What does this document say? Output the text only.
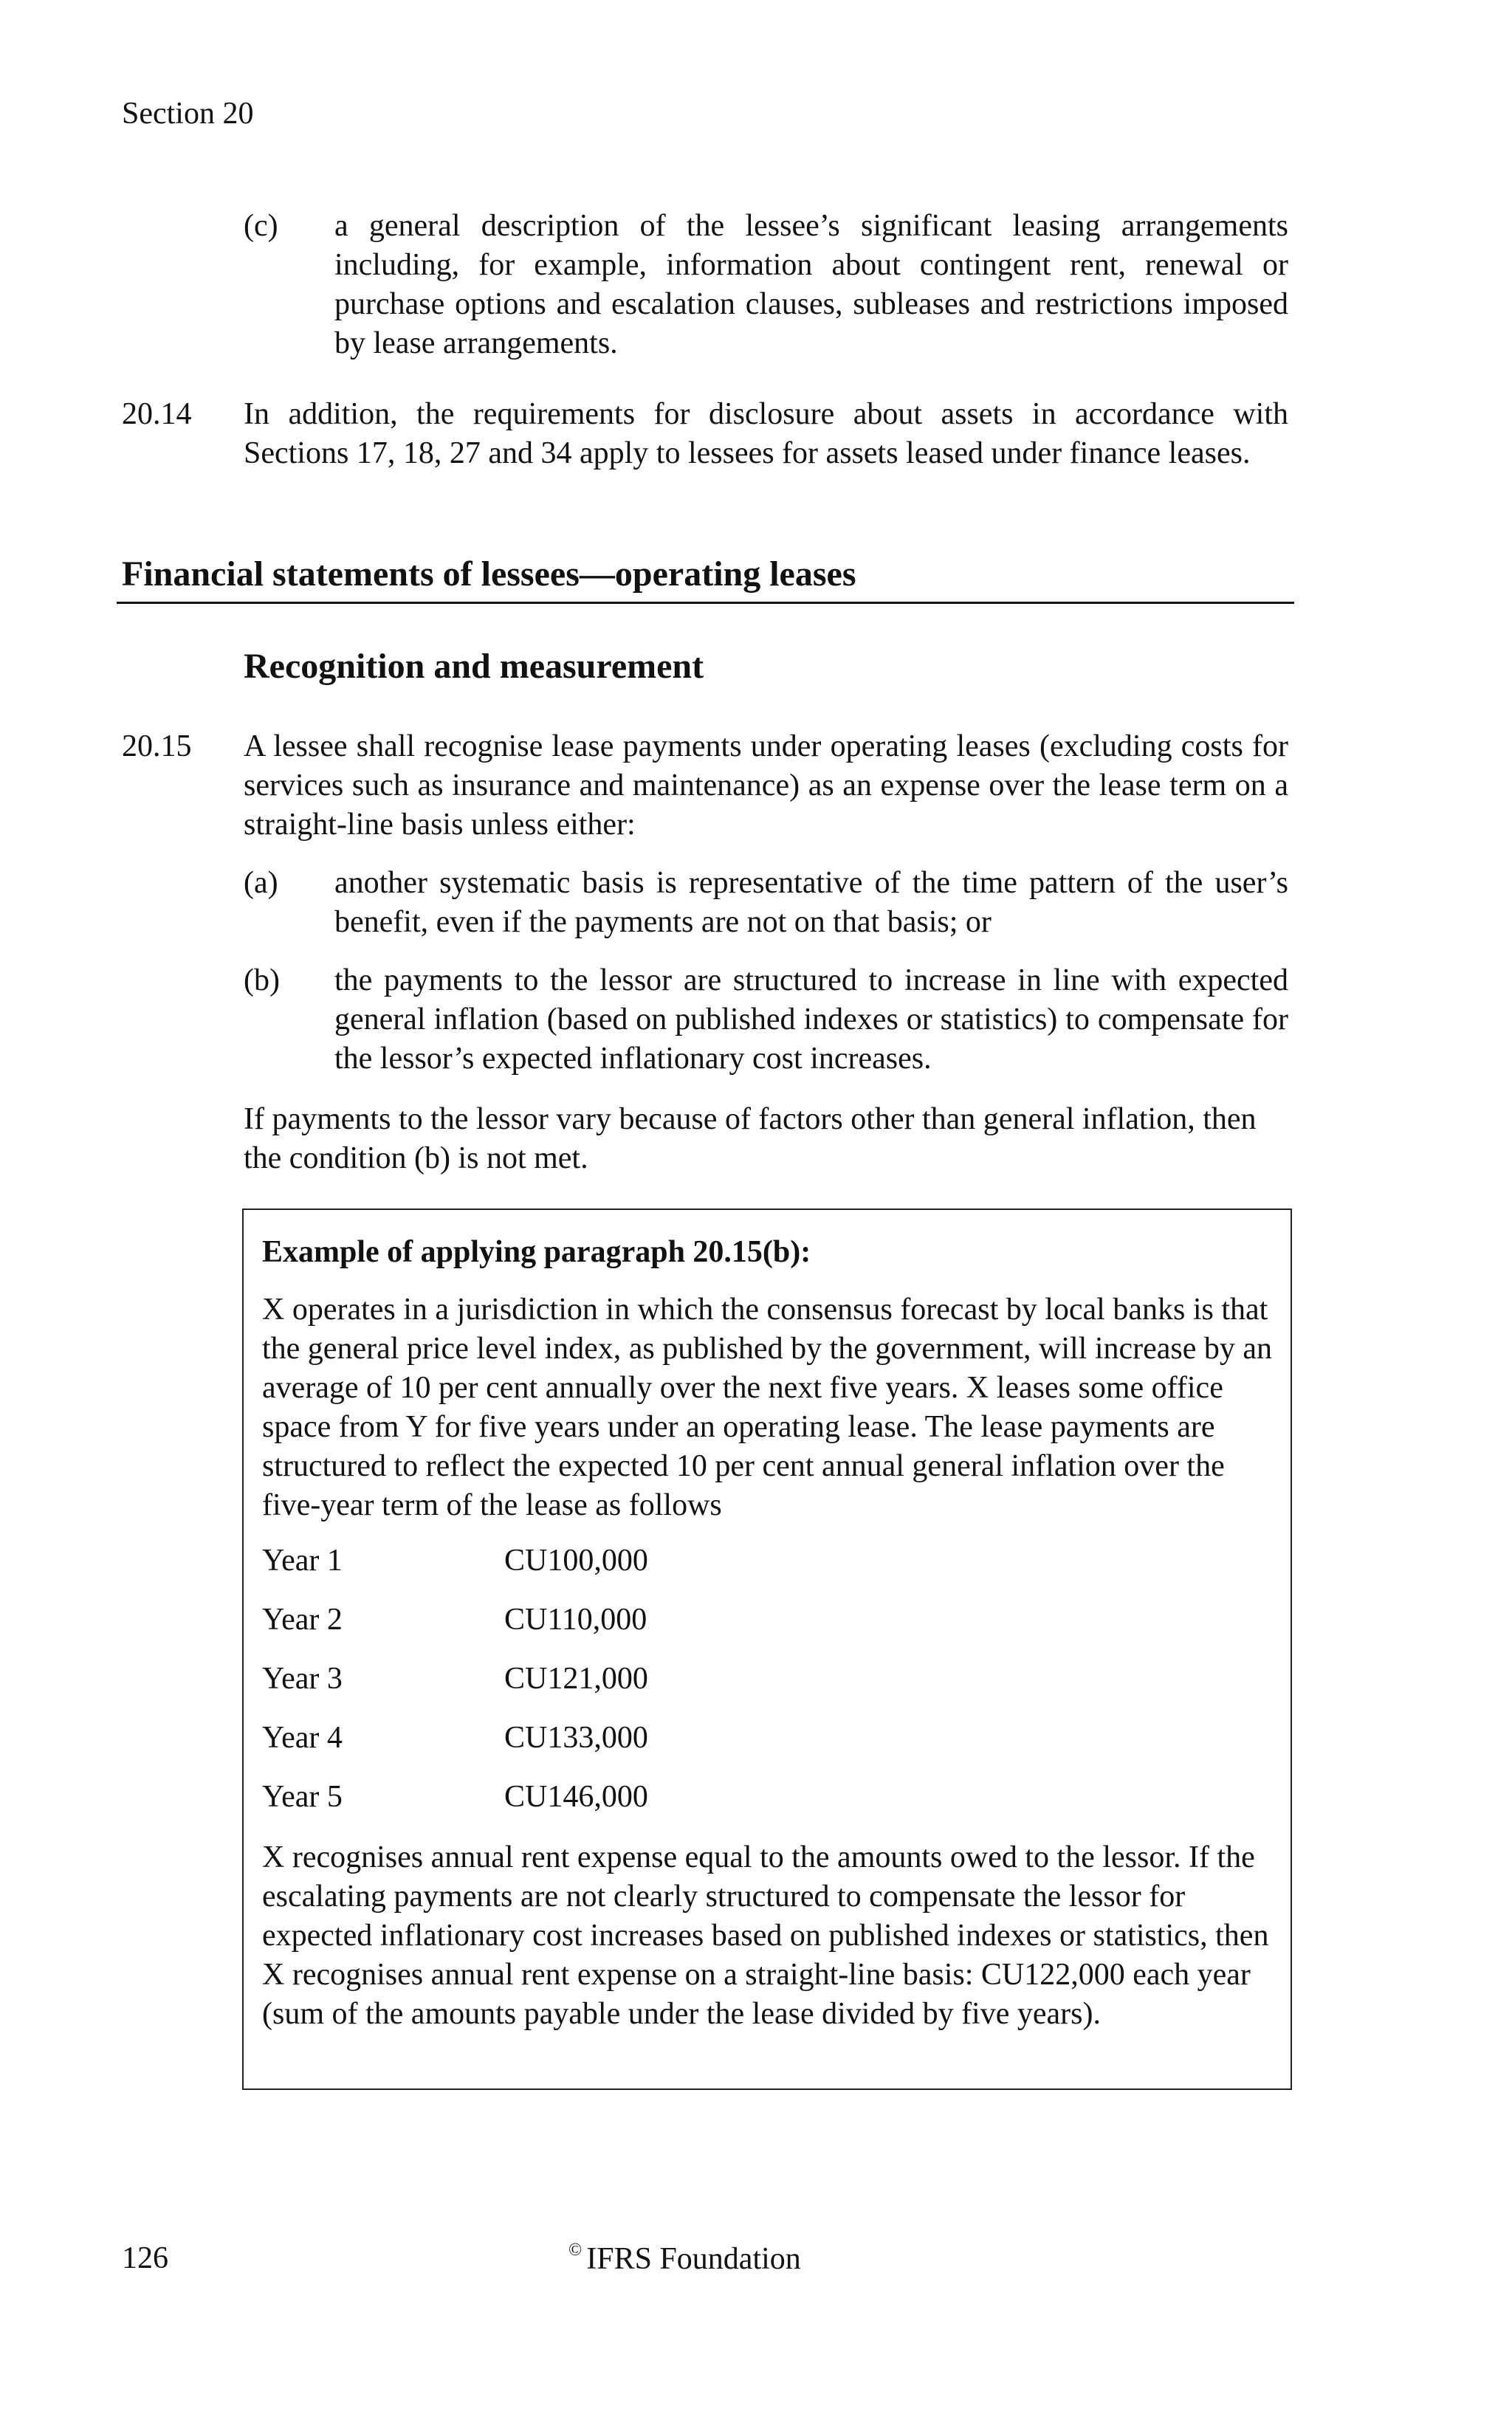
Section 20
(c) a general description of the lessee’s significant leasing arrangements including, for example, information about contingent rent, renewal or purchase options and escalation clauses, subleases and restrictions imposed by lease arrangements.
20.14 In addition, the requirements for disclosure about assets in accordance with Sections 17, 18, 27 and 34 apply to lessees for assets leased under finance leases.
Financial statements of lessees—operating leases
Recognition and measurement
20.15 A lessee shall recognise lease payments under operating leases (excluding costs for services such as insurance and maintenance) as an expense over the lease term on a straight-line basis unless either:
(a) another systematic basis is representative of the time pattern of the user’s benefit, even if the payments are not on that basis; or
(b) the payments to the lessor are structured to increase in line with expected general inflation (based on published indexes or statistics) to compensate for the lessor’s expected inflationary cost increases.
If payments to the lessor vary because of factors other than general inflation, then the condition (b) is not met.
Example of applying paragraph 20.15(b):
X operates in a jurisdiction in which the consensus forecast by local banks is that the general price level index, as published by the government, will increase by an average of 10 per cent annually over the next five years. X leases some office space from Y for five years under an operating lease. The lease payments are structured to reflect the expected 10 per cent annual general inflation over the five-year term of the lease as follows
Year 1	CU100,000
Year 2	CU110,000
Year 3	CU121,000
Year 4	CU133,000
Year 5	CU146,000
X recognises annual rent expense equal to the amounts owed to the lessor. If the escalating payments are not clearly structured to compensate the lessor for expected inflationary cost increases based on published indexes or statistics, then X recognises annual rent expense on a straight-line basis: CU122,000 each year (sum of the amounts payable under the lease divided by five years).
126	© IFRS Foundation
